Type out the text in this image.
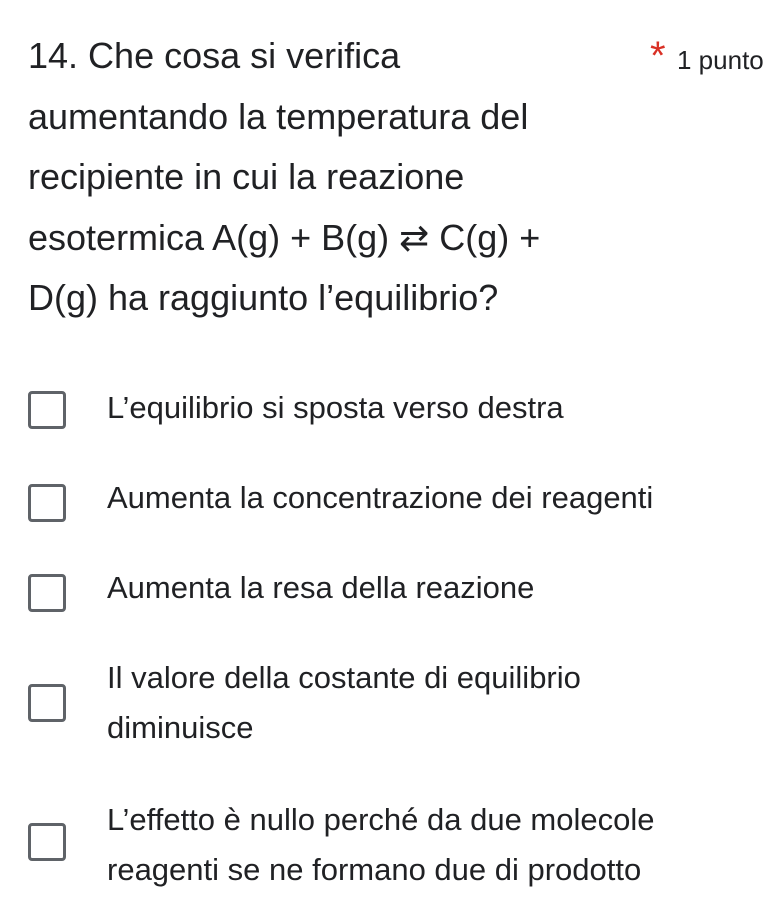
14. Che cosa si verifica
aumentando la temperatura del
recipiente in cui la reazione
esotermica A(g) + B(g) ⇄ C(g) +
D(g) ha raggiunto l’equilibrio?
* 1 punto
L’equilibrio si sposta verso destra
Aumenta la concentrazione dei reagenti
Aumenta la resa della reazione
Il valore della costante di equilibrio
diminuisce
L’effetto è nullo perché da due molecole
reagenti se ne formano due di prodotto
